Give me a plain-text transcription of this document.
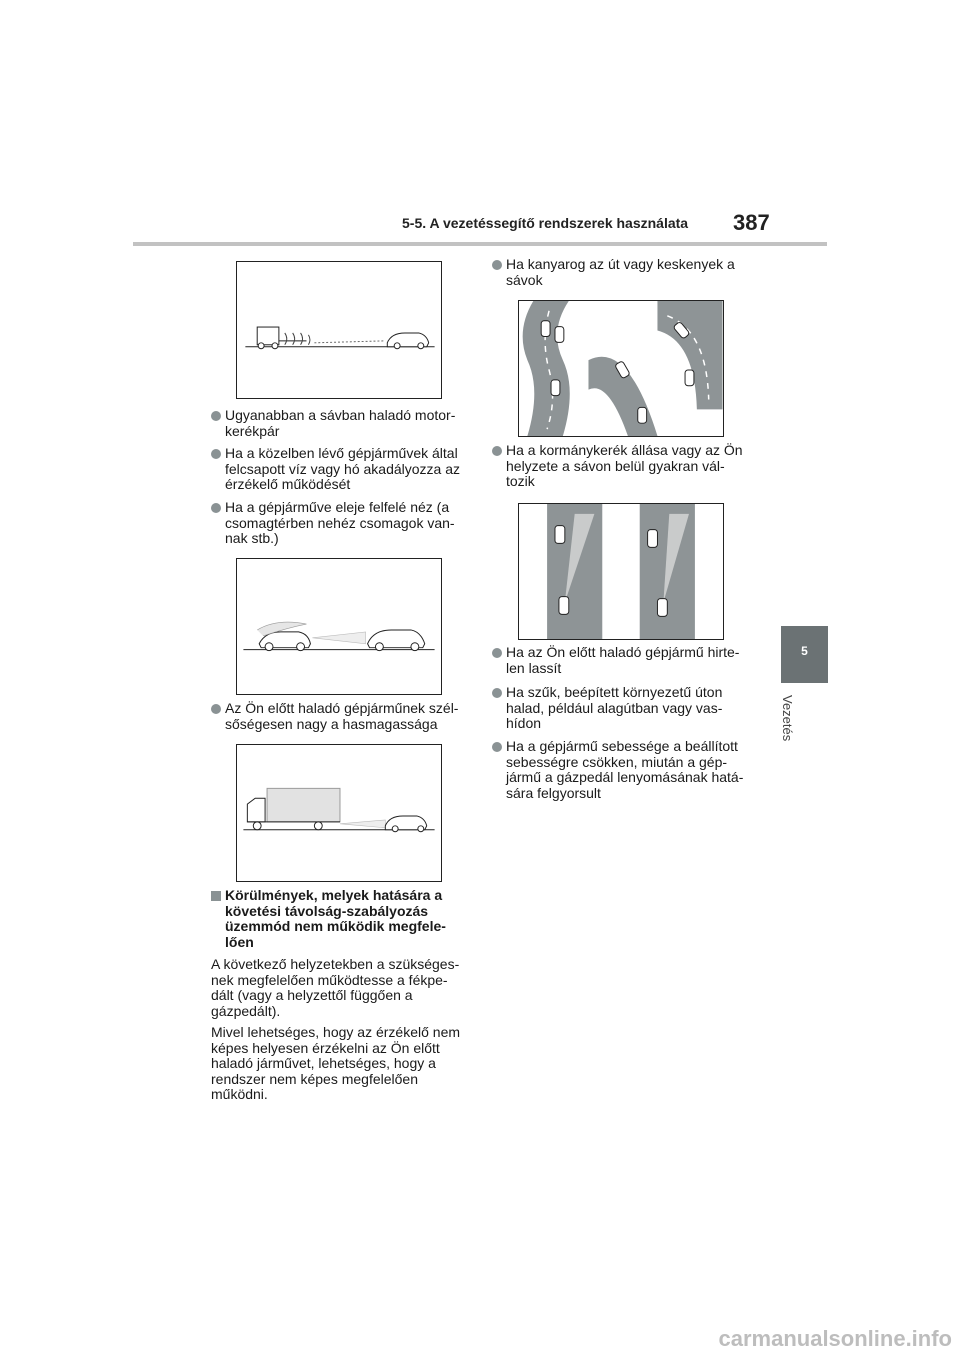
5-5. A vezetéssegítő rendszerek használata 387
5
Vezetés
Ugyanabban a sávban haladó motor-
kerékpár
Ha a közelben lévő gépjárművek által
felcsapott víz vagy hó akadályozza az
érzékelő működését
Ha a gépjárműve eleje felfelé néz (a
csomagtérben nehéz csomagok van-
nak stb.)
Az Ön előtt haladó gépjárműnek szél-
sőségesen nagy a hasmagassága
Körülmények, melyek hatására a
követési távolság-szabályozás
üzemmód nem működik megfele-
lően
A következő helyzetekben a szükséges-
nek megfelelően működtesse a fékpe-
dált (vagy a helyzettől függően a
gázpedált).
Mivel lehetséges, hogy az érzékelő nem
képes helyesen érzékelni az Ön előtt
haladó járművet, lehetséges, hogy a
rendszer nem képes megfelelően
működni.
Ha kanyarog az út vagy keskenyek a
sávok
Ha a kormánykerék állása vagy az Ön
helyzete a sávon belül gyakran vál-
tozik
Ha az Ön előtt haladó gépjármű hirte-
len lassít
Ha szűk, beépített környezetű úton
halad, például alagútban vagy vas-
hídon
Ha a gépjármű sebessége a beállított
sebességre csökken, miután a gép-
jármű a gázpedál lenyomásának hatá-
sára felgyorsult
carmanualsonline.info
